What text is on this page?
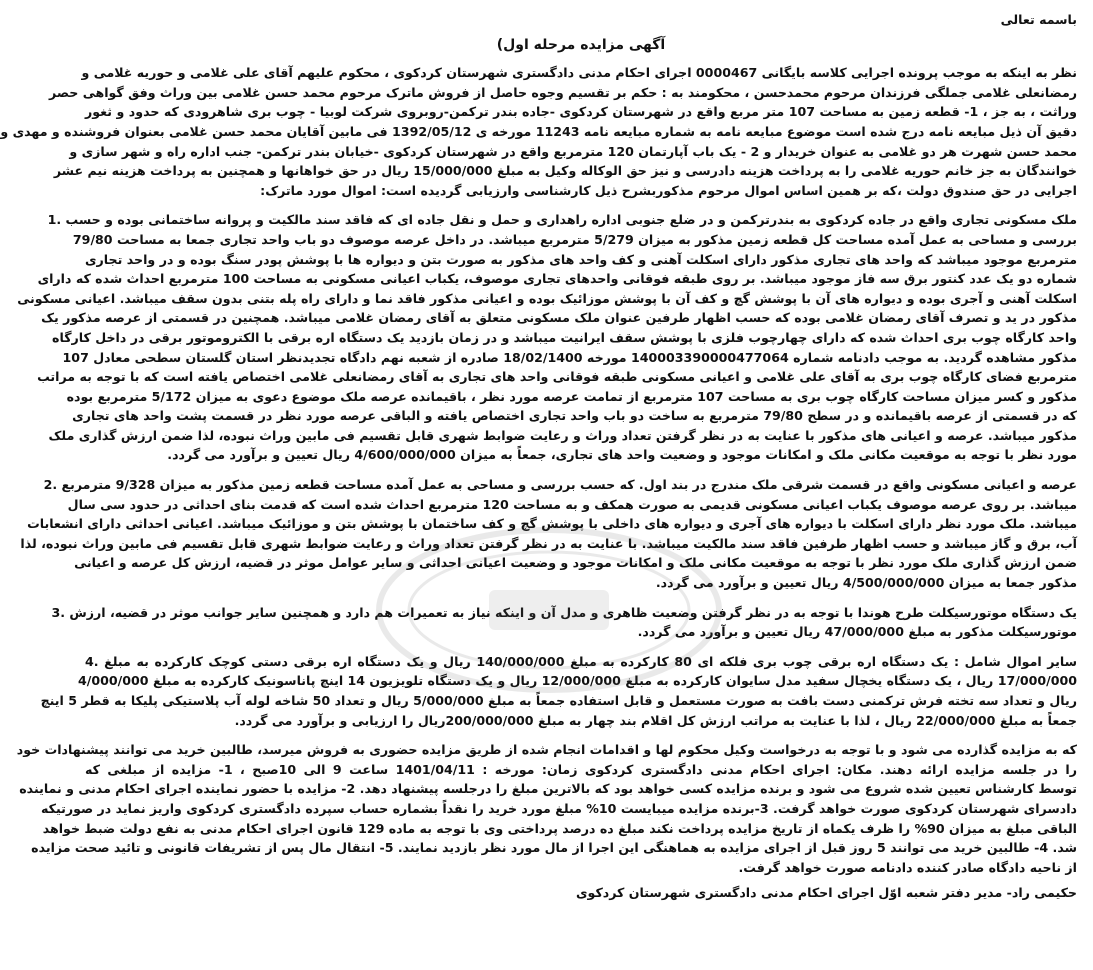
باسمه تعالی

آگهی مزایده مرحله اول)

نظر به اینکه به موجب پرونده اجرایی کلاسه بایگانی 0000467 اجرای احکام مدنی دادگستری شهرستان کردکوی ، محکوم علیهم آقای علی غلامی و حوریه غلامی و

رمضانعلی غلامی جملگی فرزندان مرحوم محمدحسن ، محکومند به : حکم بر تقسیم وجوه حاصل از فروش ماترک مرحوم محمد حسن غلامی بین وراث وفق گواهی حصر

وراثت ، به جز ، 1- قطعه زمین به مساحت 107 متر مربع واقع در شهرستان کردکوی -جاده بندر ترکمن-روبروی شرکت لوبیا - چوب بری شاهرودی که حدود و ثغور

دقیق آن ذیل مبایعه نامه درج شده است موضوع مبایعه نامه به شماره مبایعه نامه 11243 مورخه ی 1392/05/12 فی مابین آقایان محمد حسن غلامی بعنوان فروشنده و مهدی و

محمد حسن شهرت هر دو غلامی به عنوان خریدار و 2 - یک باب آپارتمان 120 مترمربع واقع در شهرستان کردکوی -خیابان بندر ترکمن- جنب اداره راه و شهر سازی و

خوانندگان به جز خانم حوریه غلامی را به پرداخت هزینه دادرسی و نیز حق الوکاله وکیل به مبلغ 15/000/000 ریال در حق خواهانها و همچنین به پرداخت هزینه نیم عشر

اجرایی در حق صندوق دولت ،که بر همین اساس اموال مرحوم مذکوربشرح ذیل کارشناسی وارزیابی گردیده است: اموال مورد ماترک:

ملک مسکونی تجاری واقع در جاده کردکوی به بندرترکمن و در ضلع جنوبی اداره راهداری و حمل و نقل جاده ای که فاقد سند مالکیت و پروانه ساختمانی بوده و حسب .1

بررسی و مساحی به عمل آمده مساحت کل قطعه زمین مذکور به میزان 5/279 مترمربع میباشد. در داخل عرصه موصوف دو باب واحد تجاری جمعا به مساحت 79/80

مترمربع موجود میباشد که واحد های تجاری مذکور دارای اسکلت آهنی و کف واحد های مذکور به صورت بتن و دیواره ها با پوشش پودر سنگ بوده و در واحد تجاری

شماره دو یک عدد کنتور برق سه فاز موجود میباشد. بر روی طبقه فوقانی واحدهای تجاری موصوف، یکباب اعیانی مسکونی به مساحت 100 مترمربع احداث شده که دارای

اسکلت آهنی و آجری بوده و دیواره های آن با پوشش گچ و کف آن با پوشش موزائیک بوده و اعیانی مذکور فاقد نما و دارای راه پله بتنی بدون سقف میباشد. اعیانی مسکونی

مذکور در ید و تصرف آقای رمضان غلامی بوده که حسب اظهار طرفین عنوان ملک مسکونی متعلق به آقای رمضان غلامی میباشد. همچنین در قسمتی از عرصه مذکور یک

واحد کارگاه چوب بری احداث شده که دارای چهارچوب فلزی با پوشش سقف ایرانیت میباشد و در زمان بازدید یک دستگاه اره برقی با الکتروموتور برقی در داخل کارگاه

مذکور مشاهده گردید. به موجب دادنامه شماره 140003390000477064 مورخه 18/02/1400 صادره از شعبه نهم دادگاه تجدیدنظر استان گلستان سطحی معادل 107

مترمربع فضای کارگاه چوب بری به آقای علی غلامی و اعیانی مسکونی طبقه فوقانی واحد های تجاری به آقای رمضانعلی غلامی اختصاص یافته است که با توجه به مراتب

مذکور و کسر میزان مساحت کارگاه چوب بری به مساحت 107 مترمربع از تمامت عرصه مورد نظر ، باقیمانده عرصه ملک موضوع دعوی به میزان 5/172 مترمربع بوده

که در قسمتی از عرصه باقیمانده و در سطح 79/80 مترمربع به ساخت دو باب واحد تجاری اختصاص یافته و الباقی عرصه مورد نظر در قسمت پشت واحد های تجاری

مذکور میباشد. عرصه و اعیانی های مذکور با عنایت به در نظر گرفتن تعداد وراث و رعایت ضوابط شهری قابل تقسیم فی مابین وراث نبوده، لذا ضمن ارزش گذاری ملک

مورد نظر با توجه به موقعیت مکانی ملک و امکانات موجود و وضعیت واحد های تجاری، جمعاً به میزان 4/600/000/000 ریال تعیین و برآورد می گردد.

عرصه و اعیانی مسکونی واقع در قسمت شرقی ملک مندرج در بند اول. که حسب بررسی و مساحی به عمل آمده مساحت قطعه زمین مذکور به میزان 9/328 مترمربع .2

میباشد. بر روی عرصه موصوف یکباب اعیانی مسکونی قدیمی به صورت همکف و به مساحت 120 مترمربع احداث شده است که قدمت بنای احداثی در حدود سی سال

میباشد. ملک مورد نظر دارای اسکلت با دیواره های آجری و دیواره های داخلی با پوشش گچ و کف ساختمان با پوشش بتن و موزائیک میباشد. اعیانی احداثی دارای انشعابات

آب، برق و گاز میباشد و حسب اظهار طرفین فاقد سند مالکیت میباشد. با عنایت به در نظر گرفتن تعداد وراث و رعایت ضوابط شهری قابل تقسیم فی مابین وراث نبوده، لذا

ضمن ارزش گذاری ملک مورد نظر با توجه به موقعیت مکانی ملک و امکانات موجود و وضعیت اعیانی احداثی و سایر عوامل موثر در قضیه، ارزش کل عرصه و اعیانی

مذکور جمعا به میزان 4/500/000/000 ریال تعیین و برآورد می گردد.

یک دستگاه موتورسیکلت طرح هوندا با توجه به در نظر گرفتن وضعیت ظاهری و مدل آن و اینکه نیاز به تعمیرات هم دارد و همچنین سایر جوانب موثر در قضیه، ارزش .3

موتورسیکلت مذکور به مبلغ 47/000/000 ریال تعیین و برآورد می گردد.

سایر اموال شامل : یک دستگاه اره برقی چوب بری فلکه ای 80 کارکرده به مبلغ 140/000/000 ریال و یک دستگاه اره برقی دستی کوچک کارکرده به مبلغ .4

17/000/000 ریال ، یک دستگاه یخچال سفید مدل سایوان کارکرده به مبلغ 12/000/000 ریال و یک دستگاه تلویزیون 14 اینچ پاناسونیک کارکرده به مبلغ 4/000/000

ریال و تعداد سه تخته فرش ترکمنی دست بافت به صورت مستعمل و قابل استفاده جمعاً به مبلغ 5/000/000 ریال و تعداد 50 شاخه لوله آب پلاستیکی پلیکا به قطر 5 اینچ

جمعاً به مبلغ 22/000/000 ریال ، لذا با عنایت به مراتب ارزش کل اقلام بند چهار به مبلغ 200/000/000ریال را ارزیابی و برآورد می گردد.

که به مزایده گذارده می شود و با توجه به درخواست وکیل محکوم لها و اقدامات انجام شده از طریق مزایده حضوری به فروش میرسد، طالبین خرید می توانند پیشنهادات خود

را در جلسه مزایده ارائه دهند. مکان: اجرای احکام مدنی دادگستری کردکوی زمان: مورخه : 1401/04/11 ساعت 9 الی 10صبح ، 1- مزایده از مبلغی که

توسط کارشناس تعیین شده شروع می شود و برنده مزایده کسی خواهد بود که بالاترین مبلغ را درجلسه پیشنهاد دهد. 2- مزایده با حضور نماینده اجرای احکام مدنی و نماینده

دادسرای شهرستان کردکوی صورت خواهد گرفت. 3-برنده مزایده میبایست 10% مبلغ مورد خرید را نقداً بشماره حساب سپرده دادگستری کردکوی واریز نماید در صورتیکه

الباقی مبلغ به میزان 90% را ظرف یکماه از تاریخ مزایده پرداخت نکند مبلغ ده درصد پرداختی وی با توجه به ماده 129 قانون اجرای احکام مدنی به نفع دولت ضبط خواهد

شد. 4- طالبین خرید می توانند 5 روز قبل از اجرای مزایده به هماهنگی این اجرا از مال مورد نظر بازدید نمایند. 5- انتقال مال پس از تشریفات قانونی و تائید صحت مزایده

از ناحیه دادگاه صادر کننده دادنامه صورت خواهد گرفت.

حکیمی راد- مدیر دفتر شعبه اوّل اجرای احکام مدنی دادگستری شهرستان کردکوی
